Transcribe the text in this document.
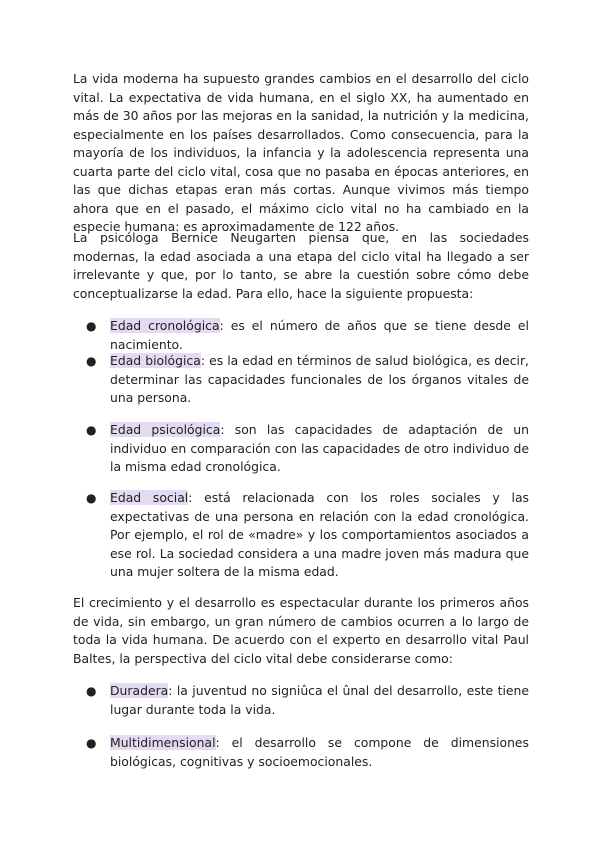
La vida moderna ha supuesto grandes cambios en el desarrollo del ciclo vital. La expectativa de vida humana, en el siglo XX, ha aumentado en más de 30 años por las mejoras en la sanidad, la nutrición y la medicina, especialmente en los países desarrollados. Como consecuencia, para la mayoría de los individuos, la infancia y la adolescencia representa una cuarta parte del ciclo vital, cosa que no pasaba en épocas anteriores, en las que dichas etapas eran más cortas. Aunque vivimos más tiempo ahora que en el pasado, el máximo ciclo vital no ha cambiado en la especie humana: es aproximadamente de 122 años.

La psicóloga Bernice Neugarten piensa que, en las sociedades modernas, la edad asociada a una etapa del ciclo vital ha llegado a ser irrelevante y que, por lo tanto, se abre la cuestión sobre cómo debe conceptualizarse la edad. Para ello, hace la siguiente propuesta:

● Edad cronológica: es el número de años que se tiene desde el nacimiento.
● Edad biológica: es la edad en términos de salud biológica, es decir, determinar las capacidades funcionales de los órganos vitales de una persona.
● Edad psicológica: son las capacidades de adaptación de un individuo en comparación con las capacidades de otro individuo de la misma edad cronológica.
● Edad social: está relacionada con los roles sociales y las expectativas de una persona en relación con la edad cronológica. Por ejemplo, el rol de «madre» y los comportamientos asociados a ese rol. La sociedad considera a una madre joven más madura que una mujer soltera de la misma edad.

El crecimiento y el desarrollo es espectacular durante los primeros años de vida, sin embargo, un gran número de cambios ocurren a lo largo de toda la vida humana. De acuerdo con el experto en desarrollo vital Paul Baltes, la perspectiva del ciclo vital debe considerarse como:

● Duradera: la juventud no signiûca el ûnal del desarrollo, este tiene lugar durante toda la vida.
● Multidimensional: el desarrollo se compone de dimensiones biológicas, cognitivas y socioemocionales.
